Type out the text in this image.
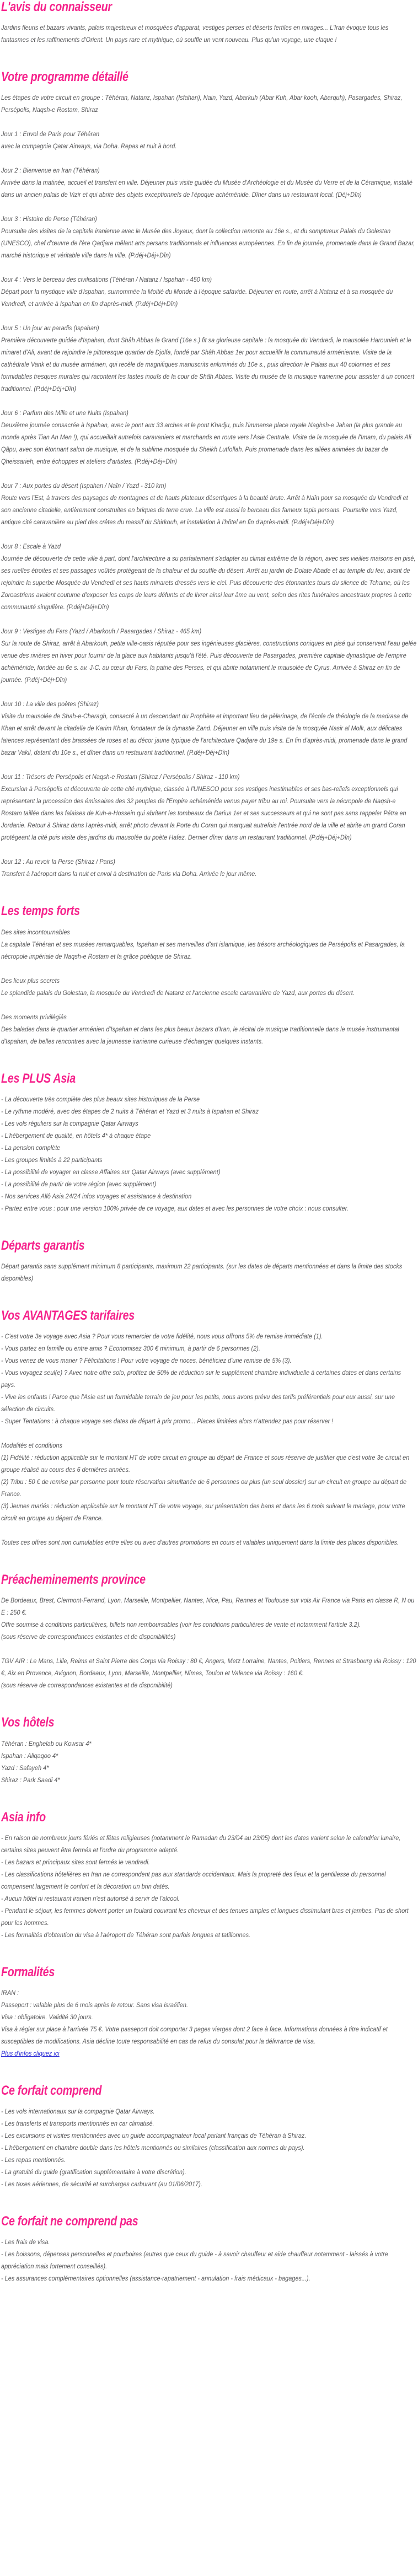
L'avis du connaisseur

Jardins fleuris et bazars vivants, palais majestueux et mosquées d'apparat, vestiges perses et déserts fertiles en mirages... L'Iran évoque tous les fantasmes et les raffinements d'Orient. Un pays rare et mythique, où souffle un vent nouveau. Plus qu'un voyage, une claque !

Votre programme détaillé

Les étapes de votre circuit en groupe : Téhéran, Natanz, Ispahan (Isfahan), Nain, Yazd, Abarkuh (Abar Kuh, Abar kooh, Abarquh), Pasargades, Shiraz, Persépolis, Naqsh-e Rostam, Shiraz

Jour 1 : Envol de Paris pour Téhéran
avec la compagnie Qatar Airways, via Doha. Repas et nuit à bord.
Jour 2 : Bienvenue en Iran (Téhéran)
Arrivée dans la matinée, accueil et transfert en ville. Déjeuner puis visite guidée du Musée d'Archéologie et du Musée du Verre et de la Céramique, installé dans un ancien palais de Vizir et qui abrite des objets exceptionnels de l'époque achéménide. Dîner dans un restaurant local. (Déj+Dîn)
Jour 3 : Histoire de Perse (Téhéran)
Poursuite des visites de la capitale iranienne avec le Musée des Joyaux, dont la collection remonte au 16e s., et du somptueux Palais du Golestan (UNESCO), chef d'œuvre de l'ère Qadjare mêlant arts persans traditionnels et influences européennes. En fin de journée, promenade dans le Grand Bazar, marché historique et véritable ville dans la ville. (P.déj+Déj+Dîn)
Jour 4 : Vers le berceau des civilisations (Téhéran / Natanz / Ispahan - 450 km)
Départ pour la mystique ville d'Ispahan, surnommée la Moitié du Monde à l'époque safavide. Déjeuner en route, arrêt à Natanz et à sa mosquée du Vendredi, et arrivée à Ispahan en fin d'après-midi. (P.déj+Déj+Dîn)
Jour 5 : Un jour au paradis (Ispahan)
Première découverte guidée d'Ispahan, dont Shâh Abbas le Grand (16e s.) fit sa glorieuse capitale : la mosquée du Vendredi, le mausolée Harounieh et le minaret d'Ali, avant de rejoindre le pittoresque quartier de Djolfa, fondé par Shâh Abbas 1er pour accueillir la communauté arménienne. Visite de la cathédrale Vank et du musée arménien, qui recèle de magnifiques manuscrits enluminés du 10e s., puis direction le Palais aux 40 colonnes et ses formidables fresques murales qui racontent les fastes inouïs de la cour de Shâh Abbas. Visite du musée de la musique iranienne pour assister à un concert traditionnel. (P.déj+Déj+Dîn)
Jour 6 : Parfum des Mille et une Nuits (Ispahan)
Deuxième journée consacrée à Ispahan, avec le pont aux 33 arches et le pont Khadju, puis l'immense place royale Naghsh-e Jahan (la plus grande au monde après Tian An Men !), qui accueillait autrefois caravaniers et marchands en route vers l'Asie Centrale. Visite de la mosquée de l'Imam, du palais Ali Qâpu, avec son étonnant salon de musique, et de la sublime mosquée du Sheikh Lutfollah. Puis promenade dans les allées animées du bazar de Qheissarieh, entre échoppes et ateliers d'artistes. (P.déj+Déj+Dîn)
Jour 7 : Aux portes du désert (Ispahan / Naîn / Yazd - 310 km)
Route vers l'Est, à travers des paysages de montagnes et de hauts plateaux désertiques à la beauté brute. Arrêt à Naîn pour sa mosquée du Vendredi et son ancienne citadelle, entièrement construites en briques de terre crue. La ville est aussi le berceau des fameux tapis persans. Poursuite vers Yazd, antique cité caravanière au pied des crêtes du massif du Shirkouh, et installation à l'hôtel en fin d'après-midi. (P.déj+Déj+Dîn)
Jour 8 : Escale à Yazd
Journée de découverte de cette ville à part, dont l'architecture a su parfaitement s'adapter au climat extrême de la région, avec ses vieilles maisons en pisé, ses ruelles étroites et ses passages voûtés protégeant de la chaleur et du souffle du désert. Arrêt au jardin de Dolate Abade et au temple du feu, avant de rejoindre la superbe Mosquée du Vendredi et ses hauts minarets dressés vers le ciel. Puis découverte des étonnantes tours du silence de Tchame, où les Zoroastriens avaient coutume d'exposer les corps de leurs défunts et de livrer ainsi leur âme au vent, selon des rites funéraires ancestraux propres à cette communauté singulière. (P.déj+Déj+Dîn)
Jour 9 : Vestiges du Fars (Yazd / Abarkouh / Pasargades / Shiraz - 465 km)
Sur la route de Shiraz, arrêt à Abarkouh, petite ville-oasis réputée pour ses ingénieuses glacières, constructions coniques en pisé qui conservent l'eau gelée venue des rivières en hiver pour fournir de la glace aux habitants jusqu'à l'été. Puis découverte de Pasargades, première capitale dynastique de l'empire achéménide, fondée au 6e s. av. J-C. au cœur du Fars, la patrie des Perses, et qui abrite notamment le mausolée de Cyrus. Arrivée à Shiraz en fin de journée. (P.déj+Déj+Dîn)
Jour 10 : La ville des poètes (Shiraz)
Visite du mausolée de Shah-e-Cheragh, consacré à un descendant du Prophète et important lieu de pèlerinage, de l'école de théologie de la madrasa de Khan et arrêt devant la citadelle de Karim Khan, fondateur de la dynastie Zand. Déjeuner en ville puis visite de la mosquée Nasir al Molk, aux délicates faïences représentant des brassées de roses et au décor jaune typique de l'architecture Qadjare du 19e s. En fin d'après-midi, promenade dans le grand bazar Vakil, datant du 10e s., et dîner dans un restaurant traditionnel. (P.déj+Déj+Dîn)
Jour 11 : Trésors de Persépolis et Naqsh-e Rostam (Shiraz / Persépolis / Shiraz - 110 km)
Excursion à Persépolis et découverte de cette cité mythique, classée à l'UNESCO pour ses vestiges inestimables et ses bas-reliefs exceptionnels qui représentant la procession des émissaires des 32 peuples de l'Empire achéménide venus payer tribu au roi. Poursuite vers la nécropole de Naqsh-e Rostam taillée dans les falaises de Kuh-e-Hossein qui abritent les tombeaux de Darius 1er et ses successeurs et qui ne sont pas sans rappeler Pétra en Jordanie. Retour à Shiraz dans l'après-midi, arrêt photo devant la Porte du Coran qui marquait autrefois l'entrée nord de la ville et abrite un grand Coran protégeant la cité puis visite des jardins du mausolée du poète Hafez. Dernier dîner dans un restaurant traditionnel. (P.déj+Déj+Dîn)
Jour 12 : Au revoir la Perse (Shiraz / Paris)
Transfert à l'aéroport dans la nuit et envol à destination de Paris via Doha. Arrivée le jour même.
Les temps forts
Des sites incontournables
La capitale Téhéran et ses musées remarquables, Ispahan et ses merveilles d'art islamique, les trésors archéologiques de Persépolis et Pasargades, la nécropole impériale de Naqsh-e Rostam et la grâce poétique de Shiraz.
Des lieux plus secrets
Le splendide palais du Golestan, la mosquée du Vendredi de Natanz et l'ancienne escale caravanière de Yazd, aux portes du désert.
Des moments privilégiés
Des balades dans le quartier arménien d'Ispahan et dans les plus beaux bazars d'Iran, le récital de musique traditionnelle dans le musée instrumental d'Ispahan, de belles rencontres avec la jeunesse iranienne curieuse d'échanger quelques instants.
Les PLUS Asia
- La découverte très complète des plus beaux sites historiques de la Perse
- Le rythme modéré, avec des étapes de 2 nuits à Téhéran et Yazd et 3 nuits à Ispahan et Shiraz
- Les vols réguliers sur la compagnie Qatar Airways
- L'hébergement de qualité, en hôtels 4* à chaque étape
- La pension complète
- Les groupes limités à 22 participants
- La possibilité de voyager en classe Affaires sur Qatar Airways (avec supplément)
- La possibilité de partir de votre région (avec supplément)
- Nos services Allô Asia 24/24 infos voyages et assistance à destination
- Partez entre vous : pour une version 100% privée de ce voyage, aux dates et avec les personnes de votre choix : nous consulter.
Départs garantis

Départ garantis sans supplément minimum 8 participants, maximum 22 participants. (sur les dates de départs mentionnées et dans la limite des stocks disponibles)

Vos AVANTAGES tarifaires
- C'est votre 3e voyage avec Asia ? Pour vous remercier de votre fidélité, nous vous offrons 5% de remise immédiate (1).
- Vous partez en famille ou entre amis ? Economisez 300 € minimum, à partir de 6 personnes (2).
- Vous venez de vous marier ? Félicitations ! Pour votre voyage de noces, bénéficiez d'une remise de 5% (3).
- Vous voyagez seul(e) ? Avec notre offre solo, profitez de 50% de réduction sur le supplément chambre individuelle à certaines dates et dans certains pays.
- Vive les enfants ! Parce que l'Asie est un formidable terrain de jeu pour les petits, nous avons prévu des tarifs préférentiels pour eux aussi, sur une sélection de circuits.
- Super Tentations : à chaque voyage ses dates de départ à prix promo... Places limitées alors n'attendez pas pour réserver !
Modalités et conditions
(1) Fidélité : réduction applicable sur le montant HT de votre circuit en groupe au départ de France et sous réserve de justifier que c'est votre 3e circuit en groupe réalisé au cours des 6 dernières années.
(2) Tribu : 50 € de remise par personne pour toute réservation simultanée de 6 personnes ou plus (un seul dossier) sur un circuit en groupe au départ de France.
(3) Jeunes mariés : réduction applicable sur le montant HT de votre voyage, sur présentation des bans et dans les 6 mois suivant le mariage, pour votre circuit en groupe au départ de France.

Toutes ces offres sont non cumulables entre elles ou avec d'autres promotions en cours et valables uniquement dans la limite des places disponibles.

Préacheminements province
De Bordeaux, Brest, Clermont-Ferrand, Lyon, Marseille, Montpellier, Nantes, Nice, Pau, Rennes et Toulouse sur vols Air France via Paris en classe R, N ou E : 250 €.
Offre soumise à conditions particulières, billets non remboursables (voir les conditions particulières de vente et notamment l'article 3.2).
(sous réserve de correspondances existantes et de disponibilités)
TGV AIR : Le Mans, Lille, Reims et Saint Pierre des Corps via Roissy : 80 €, Angers, Metz Lorraine, Nantes, Poitiers, Rennes et Strasbourg via Roissy : 120 €, Aix en Provence, Avignon, Bordeaux, Lyon, Marseille, Montpellier, Nîmes, Toulon et Valence via Roissy : 160 €.
(sous réserve de correspondances existantes et de disponibilité)
Vos hôtels
Téhéran : Enghelab ou Kowsar 4*
Ispahan : Aliqaqoo 4*
Yazd : Safayeh 4*
Shiraz : Park Saadi 4*
Asia info
- En raison de nombreux jours fériés et fêtes religieuses (notamment le Ramadan du 23/04 au 23/05) dont les dates varient selon le calendrier lunaire, certains sites peuvent être fermés et l'ordre du programme adapté.
- Les bazars et principaux sites sont fermés le vendredi.
- Les classifications hôtelières en Iran ne correspondent pas aux standards occidentaux. Mais la propreté des lieux et la gentillesse du personnel compensent largement le confort et la décoration un brin datés.
- Aucun hôtel ni restaurant iranien n'est autorisé à servir de l'alcool.
- Pendant le séjour, les femmes doivent porter un foulard couvrant les cheveux et des tenues amples et longues dissimulant bras et jambes. Pas de short pour les hommes.
- Les formalités d'obtention du visa à l'aéroport de Téhéran sont parfois longues et tatillonnes.
Formalités
IRAN :
Passeport : valable plus de 6 mois après le retour. Sans visa israélien.
Visa : obligatoire. Validité 30 jours.
Visa à régler sur place à l'arrivée 75 €. Votre passeport doit comporter 3 pages vierges dont 2 face à face. Informations données à titre indicatif et susceptibles de modifications. Asia décline toute responsabilité en cas de refus du consulat pour la délivrance de visa.
Plus d'infos cliquez ici
Ce forfait comprend
- Les vols internationaux sur la compagnie Qatar Airways.
- Les transferts et transports mentionnés en car climatisé.
- Les excursions et visites mentionnées avec un guide accompagnateur local parlant français de Téhéran à Shiraz.
- L'hébergement en chambre double dans les hôtels mentionnés ou similaires (classification aux normes du pays).
- Les repas mentionnés.
- La gratuité du guide (gratification supplémentaire à votre discrétion).
- Les taxes aériennes, de sécurité et surcharges carburant (au 01/06/2017).
Ce forfait ne comprend pas
- Les frais de visa.
- Les boissons, dépenses personnelles et pourboires (autres que ceux du guide - à savoir chauffeur et aide chauffeur notamment - laissés à votre appréciation mais fortement conseillés).
- Les assurances complémentaires optionnelles (assistance-rapatriement - annulation - frais médicaux - bagages...).
